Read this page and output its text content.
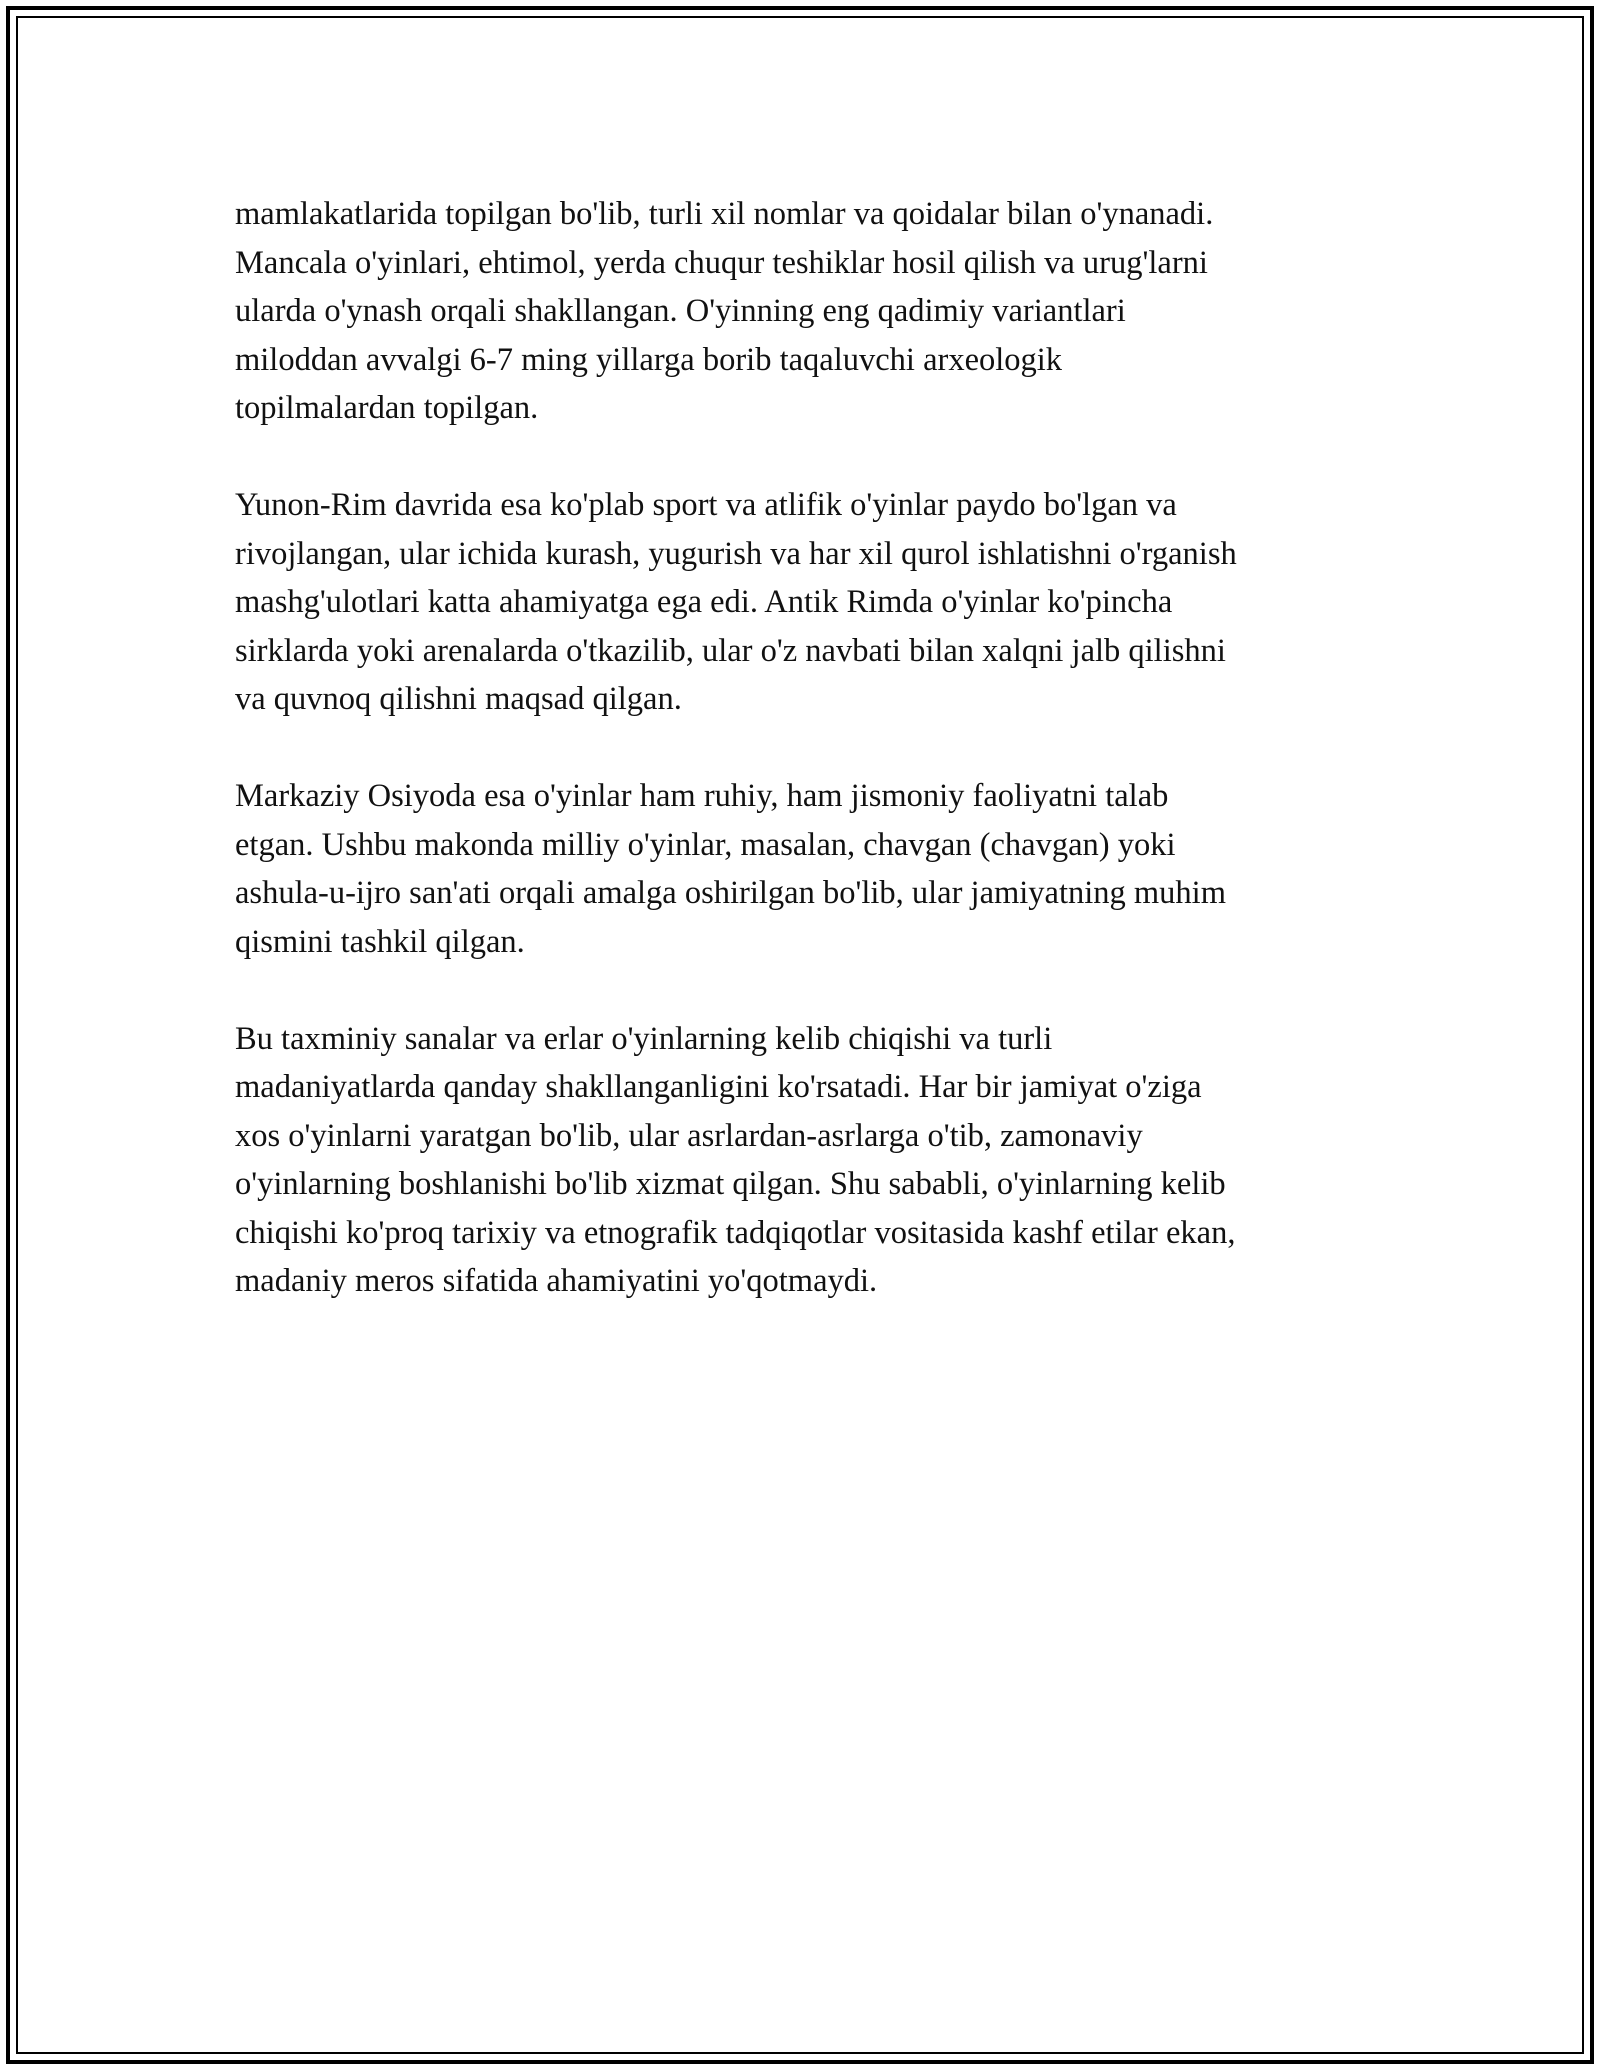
mamlakatlarida topilgan bo'lib, turli xil nomlar va qoidalar bilan o'ynanadi.
Mancala o'yinlari, ehtimol, yerda chuqur teshiklar hosil qilish va urug'larni
ularda o'ynash orqali shakllangan. O'yinning eng qadimiy variantlari
miloddan avvalgi 6-7 ming yillarga borib taqaluvchi arxeologik
topilmalardan topilgan.

Yunon-Rim davrida esa ko'plab sport va atlifik o'yinlar paydo bo'lgan va
rivojlangan, ular ichida kurash, yugurish va har xil qurol ishlatishni o'rganish
mashg'ulotlari katta ahamiyatga ega edi. Antik Rimda o'yinlar ko'pincha
sirklarda yoki arenalarda o'tkazilib, ular o'z navbati bilan xalqni jalb qilishni
va quvnoq qilishni maqsad qilgan.

Markaziy Osiyoda esa o'yinlar ham ruhiy, ham jismoniy faoliyatni talab
etgan. Ushbu makonda milliy o'yinlar, masalan, chavgan (chavgan) yoki
ashula-u-ijro san'ati orqali amalga oshirilgan bo'lib, ular jamiyatning muhim
qismini tashkil qilgan.

Bu taxminiy sanalar va erlar o'yinlarning kelib chiqishi va turli
madaniyatlarda qanday shakllanganligini ko'rsatadi. Har bir jamiyat o'ziga
xos o'yinlarni yaratgan bo'lib, ular asrlardan-asrlarga o'tib, zamonaviy
o'yinlarning boshlanishi bo'lib xizmat qilgan. Shu sababli, o'yinlarning kelib
chiqishi ko'proq tarixiy va etnografik tadqiqotlar vositasida kashf etilar ekan,
madaniy meros sifatida ahamiyatini yo'qotmaydi.
